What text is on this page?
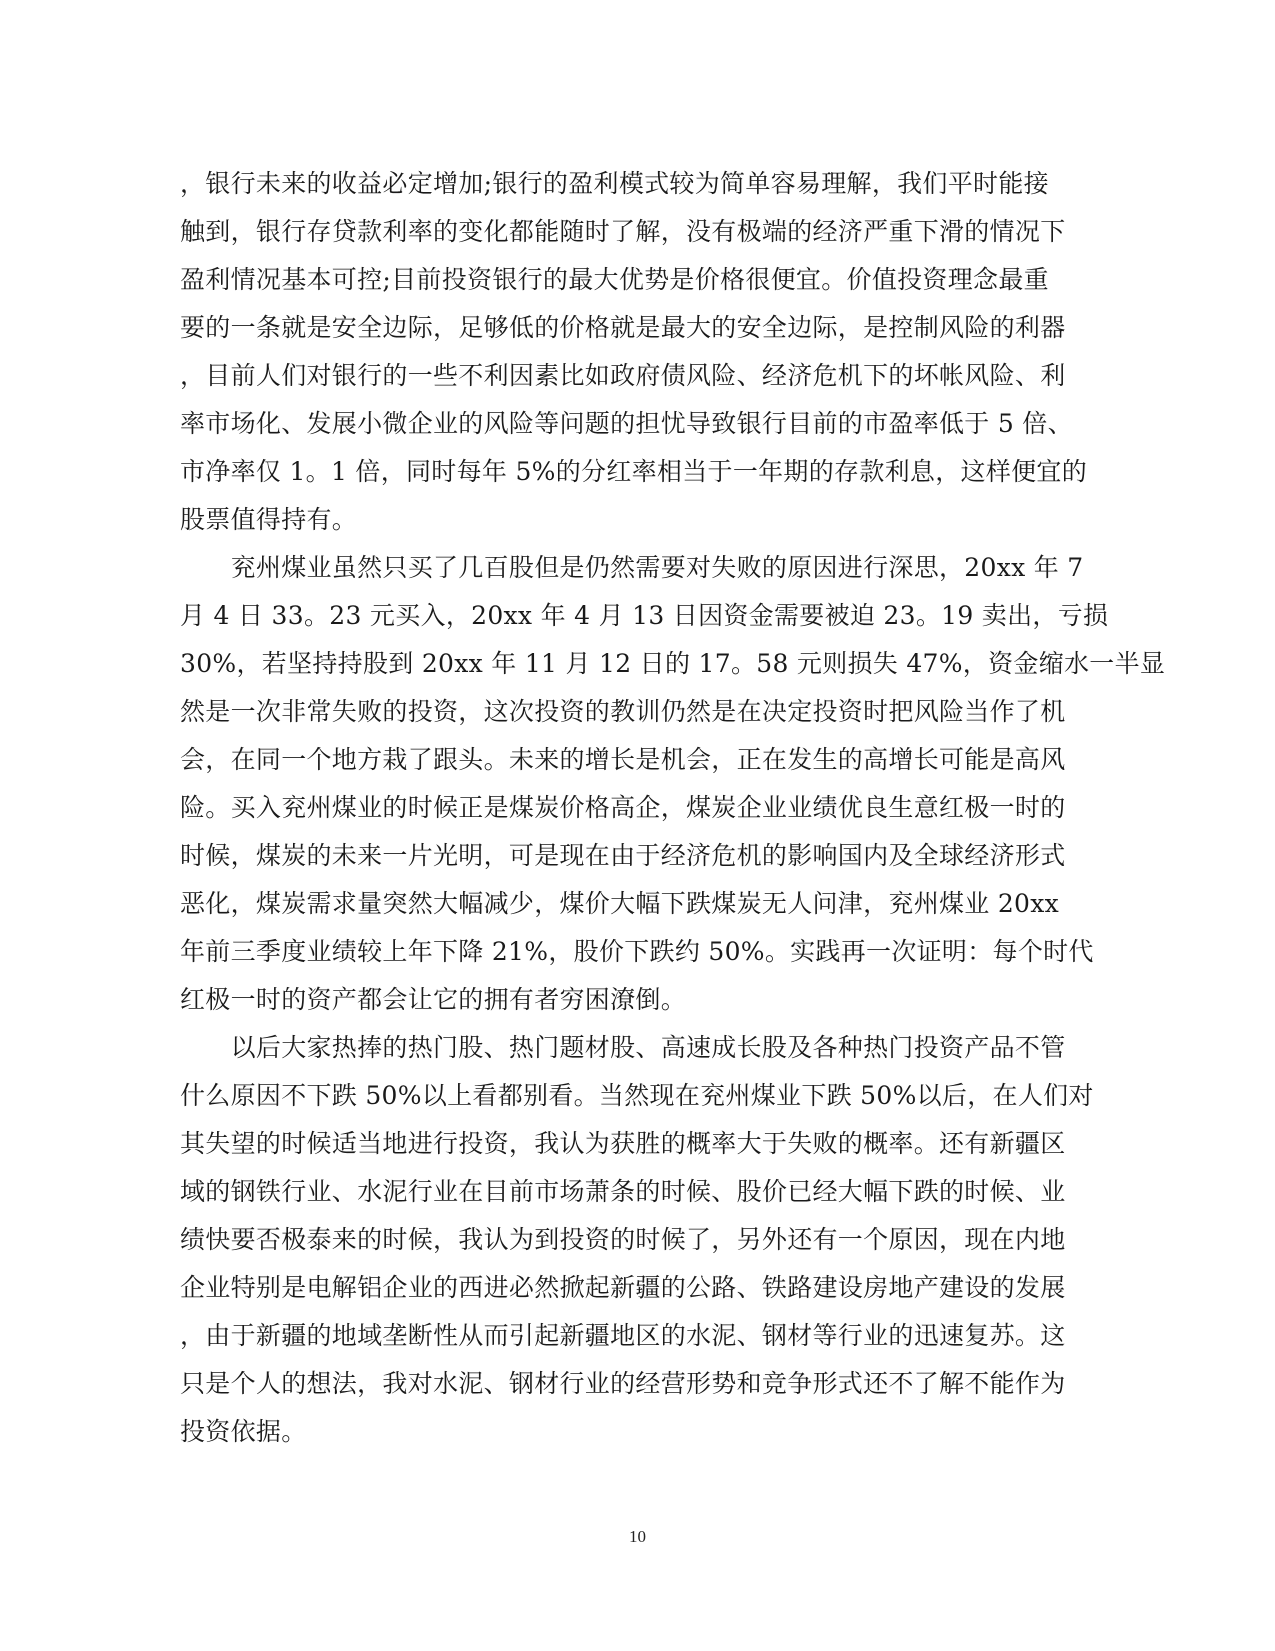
，银行未来的收益必定增加;银行的盈利模式较为简单容易理解，我们平时能接
触到，银行存贷款利率的变化都能随时了解，没有极端的经济严重下滑的情况下
盈利情况基本可控;目前投资银行的最大优势是价格很便宜。价值投资理念最重
要的一条就是安全边际，足够低的价格就是最大的安全边际，是控制风险的利器
，目前人们对银行的一些不利因素比如政府债风险、经济危机下的坏帐风险、利
率市场化、发展小微企业的风险等问题的担忧导致银行目前的市盈率低于 5 倍、
市净率仅 1。1 倍，同时每年 5%的分红率相当于一年期的存款利息，这样便宜的
股票值得持有。
　　兖州煤业虽然只买了几百股但是仍然需要对失败的原因进行深思，20xx 年 7
月 4 日 33。23 元买入，20xx 年 4 月 13 日因资金需要被迫 23。19 卖出，亏损
30%，若坚持持股到 20xx 年 11 月 12 日的 17。58 元则损失 47%，资金缩水一半显
然是一次非常失败的投资，这次投资的教训仍然是在决定投资时把风险当作了机
会，在同一个地方栽了跟头。未来的增长是机会，正在发生的高增长可能是高风
险。买入兖州煤业的时候正是煤炭价格高企，煤炭企业业绩优良生意红极一时的
时候，煤炭的未来一片光明，可是现在由于经济危机的影响国内及全球经济形式
恶化，煤炭需求量突然大幅减少，煤价大幅下跌煤炭无人问津，兖州煤业 20xx
年前三季度业绩较上年下降 21%，股价下跌约 50%。实践再一次证明：每个时代
红极一时的资产都会让它的拥有者穷困潦倒。
　　以后大家热捧的热门股、热门题材股、高速成长股及各种热门投资产品不管
什么原因不下跌 50%以上看都别看。当然现在兖州煤业下跌 50%以后，在人们对
其失望的时候适当地进行投资，我认为获胜的概率大于失败的概率。还有新疆区
域的钢铁行业、水泥行业在目前市场萧条的时候、股价已经大幅下跌的时候、业
绩快要否极泰来的时候，我认为到投资的时候了，另外还有一个原因，现在内地
企业特别是电解铝企业的西进必然掀起新疆的公路、铁路建设房地产建设的发展
，由于新疆的地域垄断性从而引起新疆地区的水泥、钢材等行业的迅速复苏。这
只是个人的想法，我对水泥、钢材行业的经营形势和竞争形式还不了解不能作为
投资依据。
10
